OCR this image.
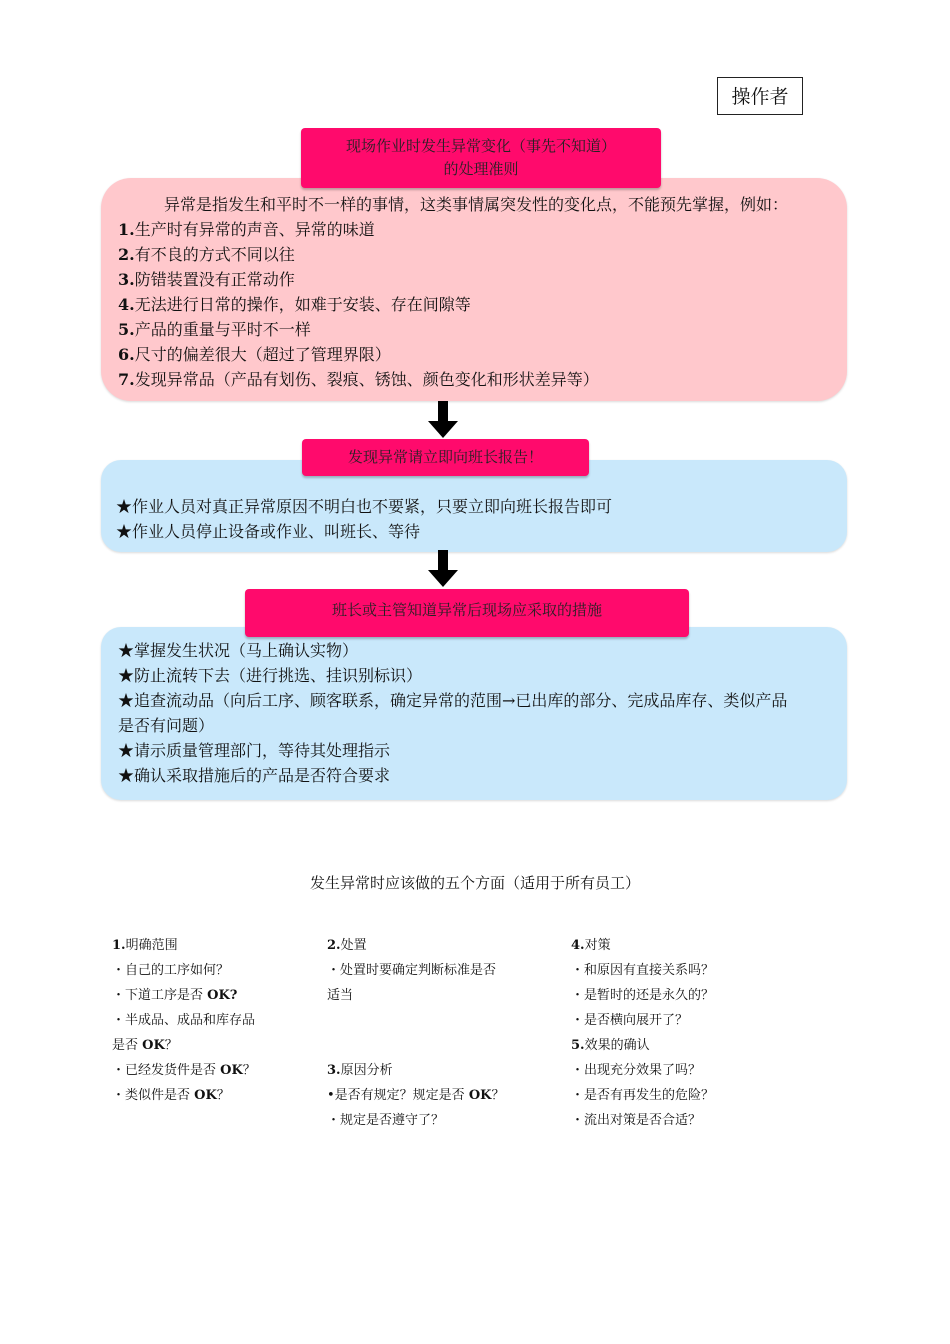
操作者
现场作业时发生异常变化（事先不知道）
的处理准则
异常是指发生和平时不一样的事情，这类事情属突发性的变化点，不能预先掌握，例如：
1.生产时有异常的声音、异常的味道
2.有不良的方式不同以往
3.防错装置没有正常动作
4.无法进行日常的操作，如难于安装、存在间隙等
5.产品的重量与平时不一样
6.尺寸的偏差很大（超过了管理界限）
7.发现异常品（产品有划伤、裂痕、锈蚀、颜色变化和形状差异等）
发现异常请立即向班长报告！
★作业人员对真正异常原因不明白也不要紧，只要立即向班长报告即可
★作业人员停止设备或作业、叫班长、等待
班长或主管知道异常后现场应采取的措施
★掌握发生状况（马上确认实物）
★防止流转下去（进行挑选、挂识别标识）
★追查流动品（向后工序、顾客联系，确定异常的范围→已出库的部分、完成品库存、类似产品
是否有问题）
★请示质量管理部门，等待其处理指示
★确认采取措施后的产品是否符合要求
发生异常时应该做的五个方面（适用于所有员工）
1.明确范围
・自己的工序如何？
・下道工序是否 OK?
・半成品、成品和库存品
是否 OK？
・已经发货件是否 OK？
・类似件是否 OK？
2.处置
・处置时要确定判断标准是否
适当
3.原因分析
•是否有规定？规定是否 OK？
・规定是否遵守了？
4.对策
・和原因有直接关系吗？
・是暂时的还是永久的？
・是否横向展开了？
5.效果的确认
・出现充分效果了吗？
・是否有再发生的危险？
・流出对策是否合适？
